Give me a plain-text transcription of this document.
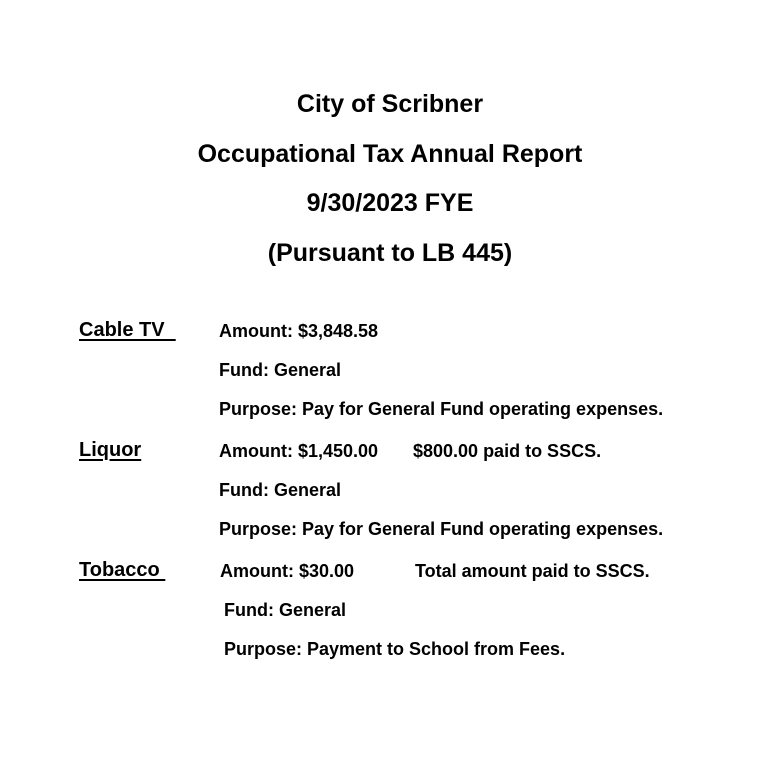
City of Scribner
Occupational Tax Annual Report
9/30/2023 FYE
(Pursuant to LB 445)
Cable TV Amount: $3,848.58
Fund: General
Purpose: Pay for General Fund operating expenses.
Liquor	Amount: $1,450.00 $800.00 paid to SSCS.
Fund: General
Purpose: Pay for General Fund operating expenses.
Tobacco	Amount: $30.00	Total amount paid to SSCS.
Fund: General
Purpose: Payment to School from Fees.
